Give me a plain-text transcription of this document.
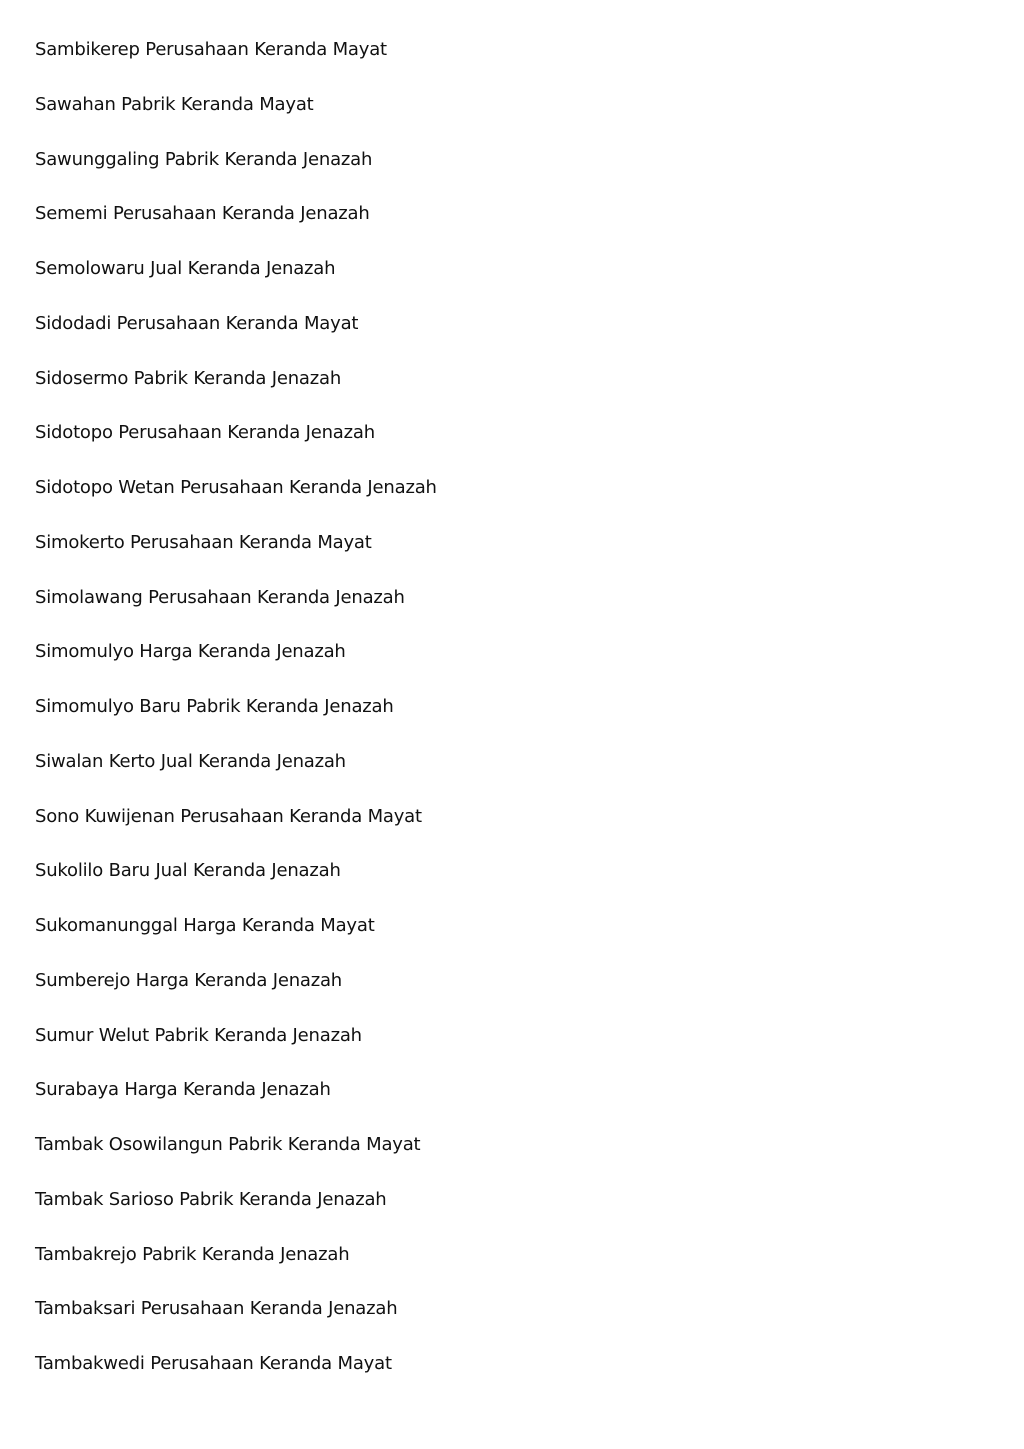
Sambikerep Perusahaan Keranda Mayat
Sawahan Pabrik Keranda Mayat
Sawunggaling Pabrik Keranda Jenazah
Sememi Perusahaan Keranda Jenazah
Semolowaru Jual Keranda Jenazah
Sidodadi Perusahaan Keranda Mayat
Sidosermo Pabrik Keranda Jenazah
Sidotopo Perusahaan Keranda Jenazah
Sidotopo Wetan Perusahaan Keranda Jenazah
Simokerto Perusahaan Keranda Mayat
Simolawang Perusahaan Keranda Jenazah
Simomulyo Harga Keranda Jenazah
Simomulyo Baru Pabrik Keranda Jenazah
Siwalan Kerto Jual Keranda Jenazah
Sono Kuwijenan Perusahaan Keranda Mayat
Sukolilo Baru Jual Keranda Jenazah
Sukomanunggal Harga Keranda Mayat
Sumberejo Harga Keranda Jenazah
Sumur Welut Pabrik Keranda Jenazah
Surabaya Harga Keranda Jenazah
Tambak Osowilangun Pabrik Keranda Mayat
Tambak Sarioso Pabrik Keranda Jenazah
Tambakrejo Pabrik Keranda Jenazah
Tambaksari Perusahaan Keranda Jenazah
Tambakwedi Perusahaan Keranda Mayat
